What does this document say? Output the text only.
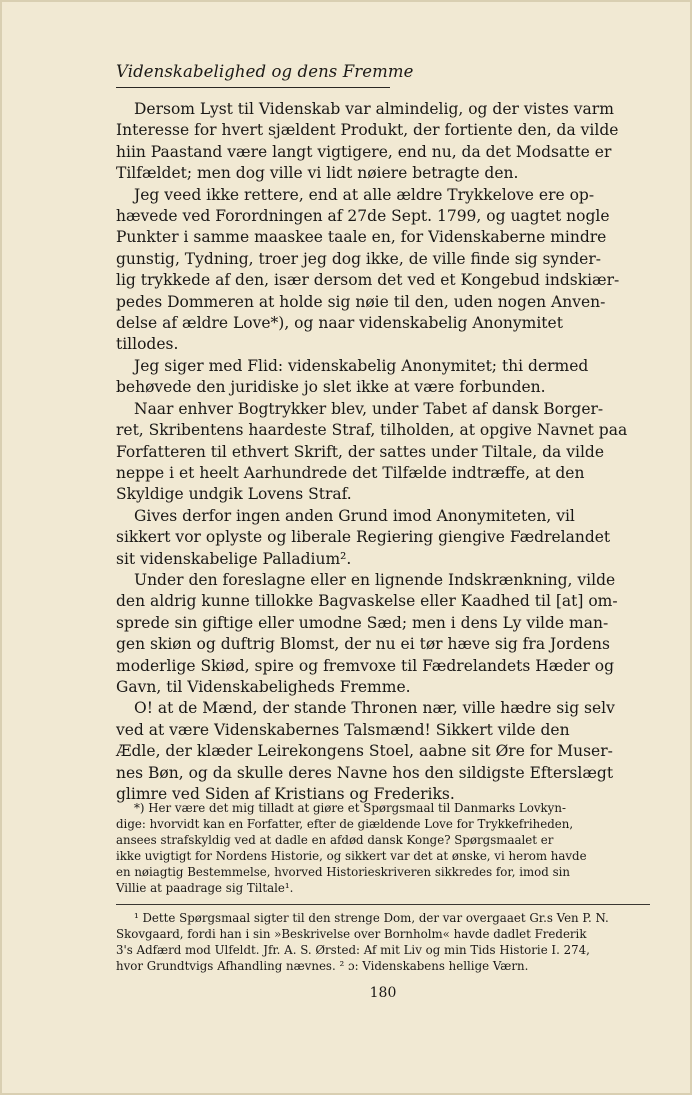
Videnskabelighed og dens Fremme

Dersom Lyst til Videnskab var almindelig, og der vistes varm
Interesse for hvert sjældent Produkt, der fortiente den, da vilde
hiin Paastand være langt vigtigere, end nu, da det Modsatte er
Tilfældet; men dog ville vi lidt nøiere betragte den.

Jeg veed ikke rettere, end at alle ældre Trykkelove ere op-
hævede ved Forordningen af 27de Sept. 1799, og uagtet nogle
Punkter i samme maaskee taale en, for Videnskaberne mindre
gunstig, Tydning, troer jeg dog ikke, de ville finde sig synder-
lig trykkede af den, især dersom det ved et Kongebud indskiær-
pedes Dommeren at holde sig nøie til den, uden nogen Anven-
delse af ældre Love*), og naar videnskabelig Anonymitet
tillodes.

Jeg siger med Flid: videnskabelig Anonymitet; thi dermed
behøvede den juridiske jo slet ikke at være forbunden.

Naar enhver Bogtrykker blev, under Tabet af dansk Borger-
ret, Skribentens haardeste Straf, tilholden, at opgive Navnet paa
Forfatteren til ethvert Skrift, der sattes under Tiltale, da vilde
neppe i et heelt Aarhundrede det Tilfælde indtræffe, at den
Skyldige undgik Lovens Straf.

Gives derfor ingen anden Grund imod Anonymiteten, vil
sikkert vor oplyste og liberale Regiering giengive Fædrelandet
sit videnskabelige Palladium².

Under den foreslagne eller en lignende Indskrænkning, vilde
den aldrig kunne tillokke Bagvaskelse eller Kaadhed til [at] om-
sprede sin giftige eller umodne Sæd; men i dens Ly vilde man-
gen skiøn og duftrig Blomst, der nu ei tør hæve sig fra Jordens
moderlige Skiød, spire og fremvoxe til Fædrelandets Hæder og
Gavn, til Videnskabeligheds Fremme.

O! at de Mænd, der stande Thronen nær, ville hædre sig selv
ved at være Videnskabernes Talsmænd! Sikkert vilde den
Ædle, der klæder Leirekongens Stoel, aabne sit Øre for Muser-
nes Bøn, og da skulle deres Navne hos den sildigste Efterslægt
glimre ved Siden af Kristians og Frederiks.

*) Her være det mig tilladt at giøre et Spørgsmaal til Danmarks Lovkyn-
dige: hvorvidt kan en Forfatter, efter de giældende Love for Trykkefriheden,
ansees strafskyldig ved at dadle en afdød dansk Konge? Spørgsmaalet er
ikke uvigtigt for Nordens Historie, og sikkert var det at ønske, vi herom havde
en nøiagtig Bestemmelse, hvorved Historieskriveren sikkredes for, imod sin
Villie at paadrage sig Tiltale¹.

¹ Dette Spørgsmaal sigter til den strenge Dom, der var overgaaet Gr.s Ven P. N.
Skovgaard, fordi han i sin »Beskrivelse over Bornholm« havde dadlet Frederik
3's Adfærd mod Ulfeldt. Jfr. A. S. Ørsted: Af mit Liv og min Tids Historie I. 274,
hvor Grundtvigs Afhandling nævnes. ² ɔ: Videnskabens hellige Værn.

180
